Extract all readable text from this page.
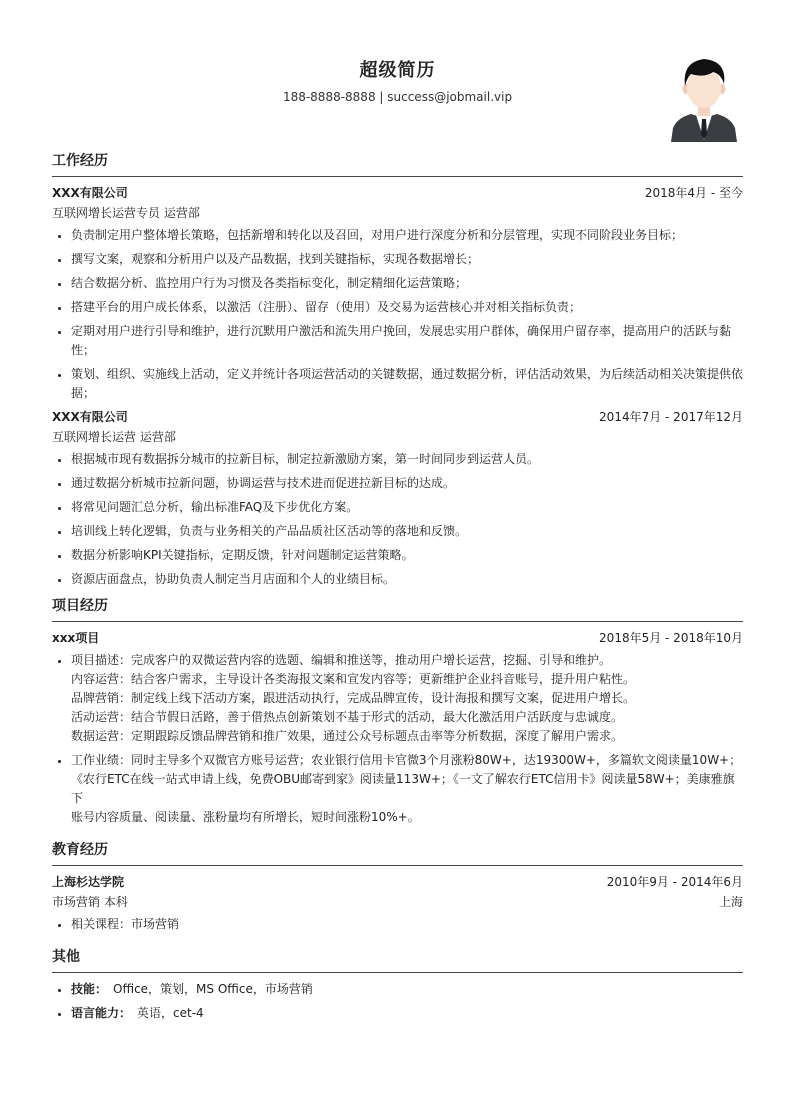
超级简历
188-8888-8888 | success@jobmail.vip
工作经历
XXX有限公司	2018年4月 - 至今
互联网增长运营专员 运营部
• 负责制定用户整体增长策略，包括新增和转化以及召回，对用户进行深度分析和分层管理，实现不同阶段业务目标；
• 撰写文案，观察和分析用户以及产品数据，找到关键指标，实现各数据增长；
• 结合数据分析、监控用户行为习惯及各类指标变化，制定精细化运营策略；
• 搭建平台的用户成长体系，以激活（注册）、留存（使用）及交易为运营核心并对相关指标负责；
• 定期对用户进行引导和维护，进行沉默用户激活和流失用户挽回，发展忠实用户群体，确保用户留存率，提高用户的活跃与黏性；
• 策划、组织、实施线上活动，定义并统计各项运营活动的关键数据，通过数据分析，评估活动效果，为后续活动相关决策提供依据；
XXX有限公司	2014年7月 - 2017年12月
互联网增长运营 运营部
• 根据城市现有数据拆分城市的拉新目标，制定拉新激励方案，第一时间同步到运营人员。
• 通过数据分析城市拉新问题，协调运营与技术进而促进拉新目标的达成。
• 将常见问题汇总分析，输出标准FAQ及下步优化方案。
• 培训线上转化逻辑，负责与业务相关的产品品质社区活动等的落地和反馈。
• 数据分析影响KPI关键指标，定期反馈，针对问题制定运营策略。
• 资源店面盘点，协助负责人制定当月店面和个人的业绩目标。
项目经历
xxx项目	2018年5月 - 2018年10月
• 项目描述：完成客户的双微运营内容的选题、编辑和推送等，推动用户增长运营，挖掘、引导和维护。
内容运营：结合客户需求，主导设计各类海报文案和宣发内容等；更新维护企业抖音账号，提升用户粘性。
品牌营销：制定线上线下活动方案，跟进活动执行，完成品牌宣传，设计海报和撰写文案，促进用户增长。
活动运营：结合节假日活路，善于借热点创新策划不基于形式的活动，最大化激活用户活跃度与忠诚度。
数据运营：定期跟踪反馈品牌营销和推广效果，通过公众号标题点击率等分析数据，深度了解用户需求。
• 工作业绩：同时主导多个双微官方账号运营；农业银行信用卡官微3个月涨粉80W+，达19300W+，多篇软文阅读量10W+；
《农行ETC在线一站式申请上线，免费OBU邮寄到家》阅读量113W+；《一文了解农行ETC信用卡》阅读量58W+；美康雅旗下
账号内容质量、阅读量、涨粉量均有所增长，短时间涨粉10%+。
教育经历
上海杉达学院	2010年9月 - 2014年6月
市场营销 本科	上海
• 相关课程：市场营销
其他
• 技能： Office，策划，MS Office，市场营销
• 语言能力： 英语，cet-4
